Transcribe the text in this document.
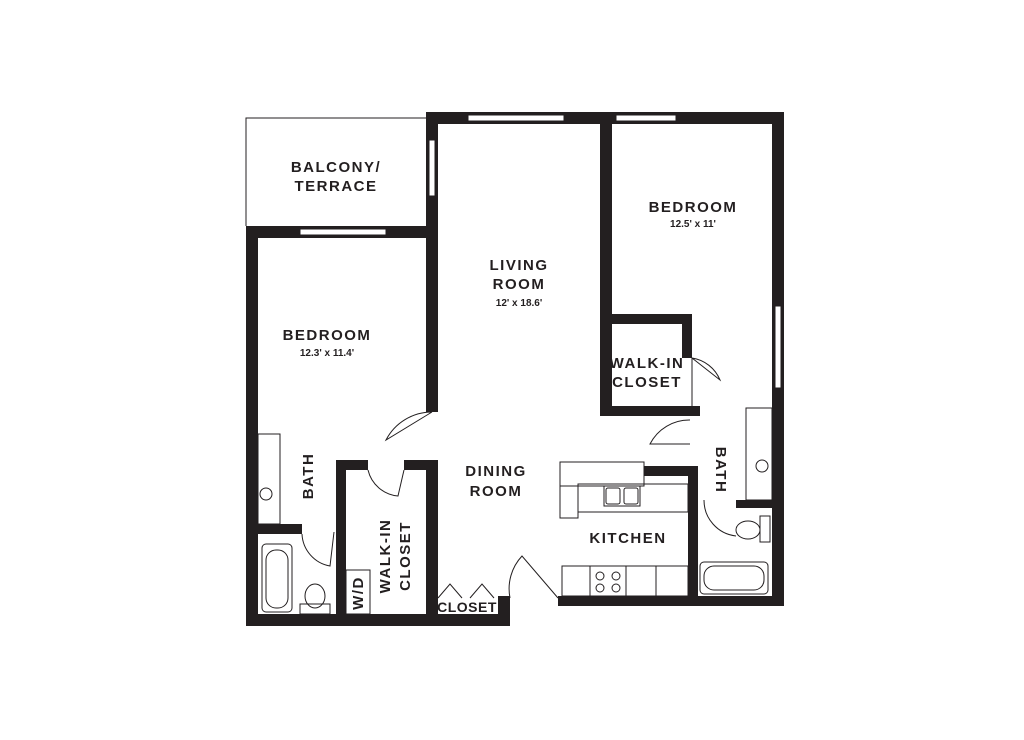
BALCONY/
TERRACE
LIVING
ROOM
12' x 18.6'
BEDROOM
12.3' x 11.4'
BEDROOM
12.5' x 11'
WALK-IN
CLOSET
BATH	BATH
DINING
ROOM
KITCHEN
WALK-IN CLOSET
W/D	CLOSET
